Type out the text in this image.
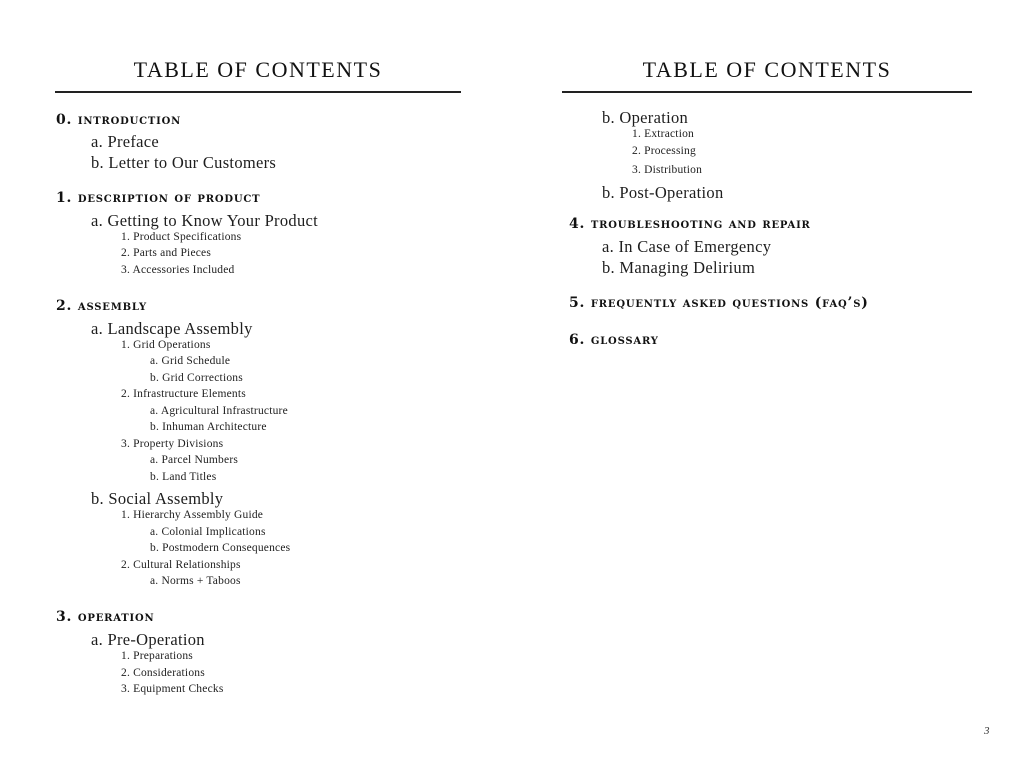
TABLE OF CONTENTS
0. introduction
a. Preface
b. Letter to Our Customers
1. description of product
a. Getting to Know Your Product
1. Product Specifications
2. Parts and Pieces
3. Accessories Included
2. assembly
a. Landscape Assembly
1. Grid Operations
a. Grid Schedule
b. Grid Corrections
2. Infrastructure Elements
a. Agricultural Infrastructure
b. Inhuman Architecture
3. Property Divisions
a. Parcel Numbers
b. Land Titles
b. Social Assembly
1. Hierarchy Assembly Guide
a. Colonial Implications
b. Postmodern Consequences
2. Cultural Relationships
a. Norms + Taboos
3. operation
a. Pre-Operation
1. Preparations
2. Considerations
3. Equipment Checks
TABLE OF CONTENTS
b. Operation
1. Extraction
2. Processing
3. Distribution
b. Post-Operation
4. troubleshooting and repair
a. In Case of Emergency
b. Managing Delirium
5. frequently asked questions (faq’s)
6. glossary
3
